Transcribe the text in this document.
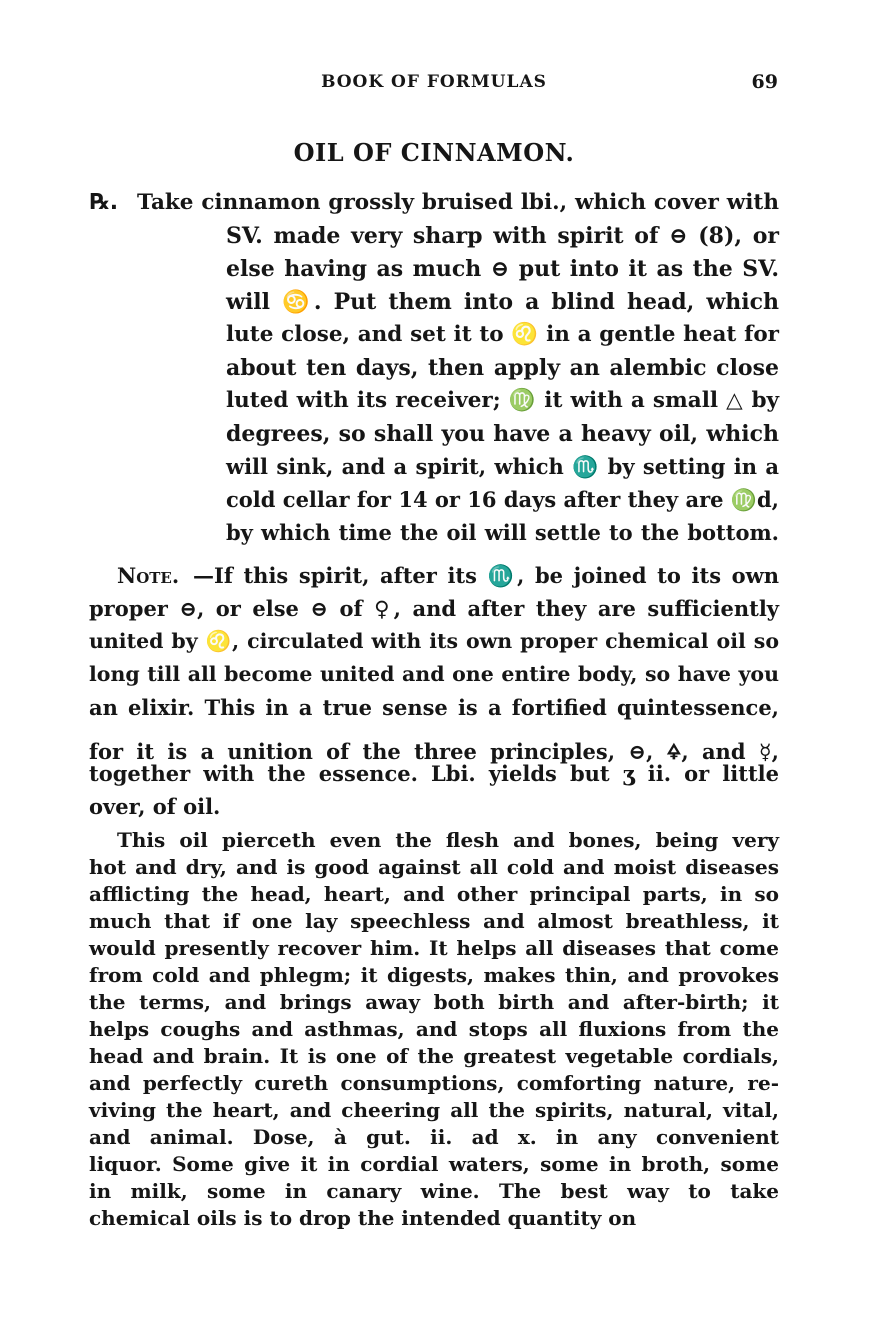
BOOK OF FORMULAS	69
OIL OF CINNAMON.
℞. Take cinnamon grossly bruised lbi., which cover with
SV. made very sharp with spirit of ⊖ (8), or
else having as much ⊖ put into it as the SV.
will ♋. Put them into a blind head, which
lute close, and set it to ♌ in a gentle heat for
about ten days, then apply an alembic close
luted with its receiver; ♍ it with a small △ by
degrees, so shall you have a heavy oil, which
will sink, and a spirit, which ♏ by setting in a
cold cellar for 14 or 16 days after they are ♍d,
by which time the oil will settle to the bottom.
Note. —If this spirit, after its ♏, be joined to its own
proper ⊖, or else ⊖ of ♀, and after they are sufficiently
united by ♌, circulated with its own proper chemical oil so
long till all become united and one entire body, so have you
an elixir. This in a true sense is a fortified quintessence,
for it is a unition of the three principles, ⊖, 🜍, and ☿,
together with the essence. Lbi. yields but ʒ ii. or little
over, of oil.
This oil pierceth even the flesh and bones, being very
hot and dry, and is good against all cold and moist diseases
afflicting the head, heart, and other principal parts, in so
much that if one lay speechless and almost breathless, it
would presently recover him. It helps all diseases that come
from cold and phlegm; it digests, makes thin, and provokes
the terms, and brings away both birth and after-birth; it
helps coughs and asthmas, and stops all fluxions from the
head and brain. It is one of the greatest vegetable cordials,
and perfectly cureth consumptions, comforting nature, re-
viving the heart, and cheering all the spirits, natural, vital,
and animal. Dose, à gut. ii. ad x. in any convenient
liquor. Some give it in cordial waters, some in broth, some
in milk, some in canary wine. The best way to take
chemical oils is to drop the intended quantity on
